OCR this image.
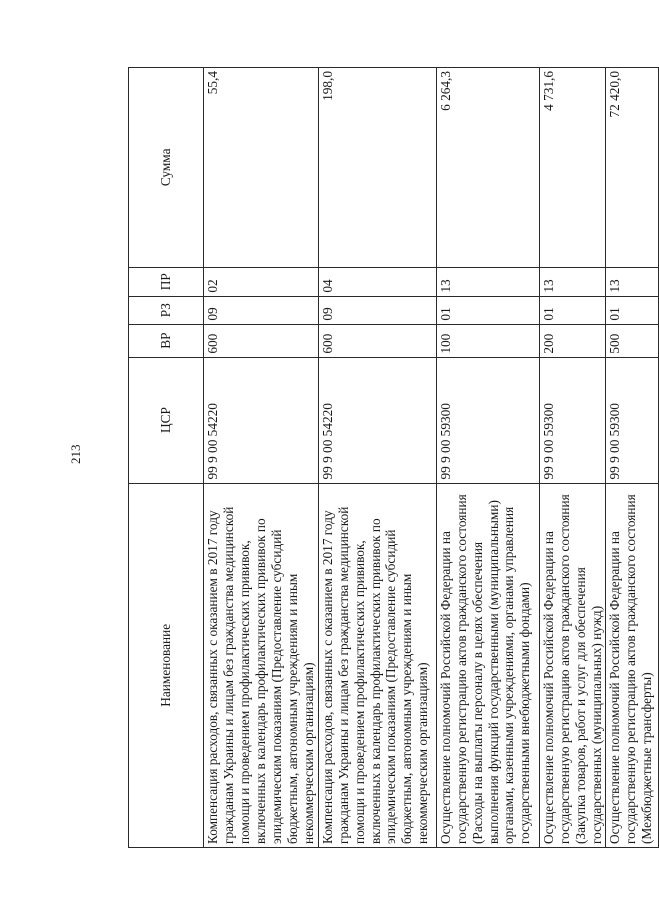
213
Наименование	ЦСР	ВР	РЗ	ПР	Сумма
Компенсация расходов, связанных с оказанием в 2017 году гражданам Украины и лицам без гражданства медицинской помощи и проведением профилактических прививок, включенных в календарь профилактических прививок по эпидемическим показаниям (Предоставление субсидий бюджетным, автономным учреждениям и иным некоммерческим организациям)	99 9 00 54220	600	09	02	55,4
Компенсация расходов, связанных с оказанием в 2017 году гражданам Украины и лицам без гражданства медицинской помощи и проведением профилактических прививок, включенных в календарь профилактических прививок по эпидемическим показаниям (Предоставление субсидий бюджетным, автономным учреждениям и иным некоммерческим организациям)	99 9 00 54220	600	09	04	198,0
Осуществление полномочий Российской Федерации на государственную регистрацию актов гражданского состояния (Расходы на выплаты персоналу в целях обеспечения выполнения функций государственными (муниципальными) органами, казенными учреждениями, органами управления государственными внебюджетными фондами)	99 9 00 59300	100	01	13	6 264,3
Осуществление полномочий Российской Федерации на государственную регистрацию актов гражданского состояния (Закупка товаров, работ и услуг для обеспечения государственных (муниципальных) нужд)	99 9 00 59300	200	01	13	4 731,6
Осуществление полномочий Российской Федерации на государственную регистрацию актов гражданского состояния (Межбюджетные трансферты)	99 9 00 59300	500	01	13	72 420,0
